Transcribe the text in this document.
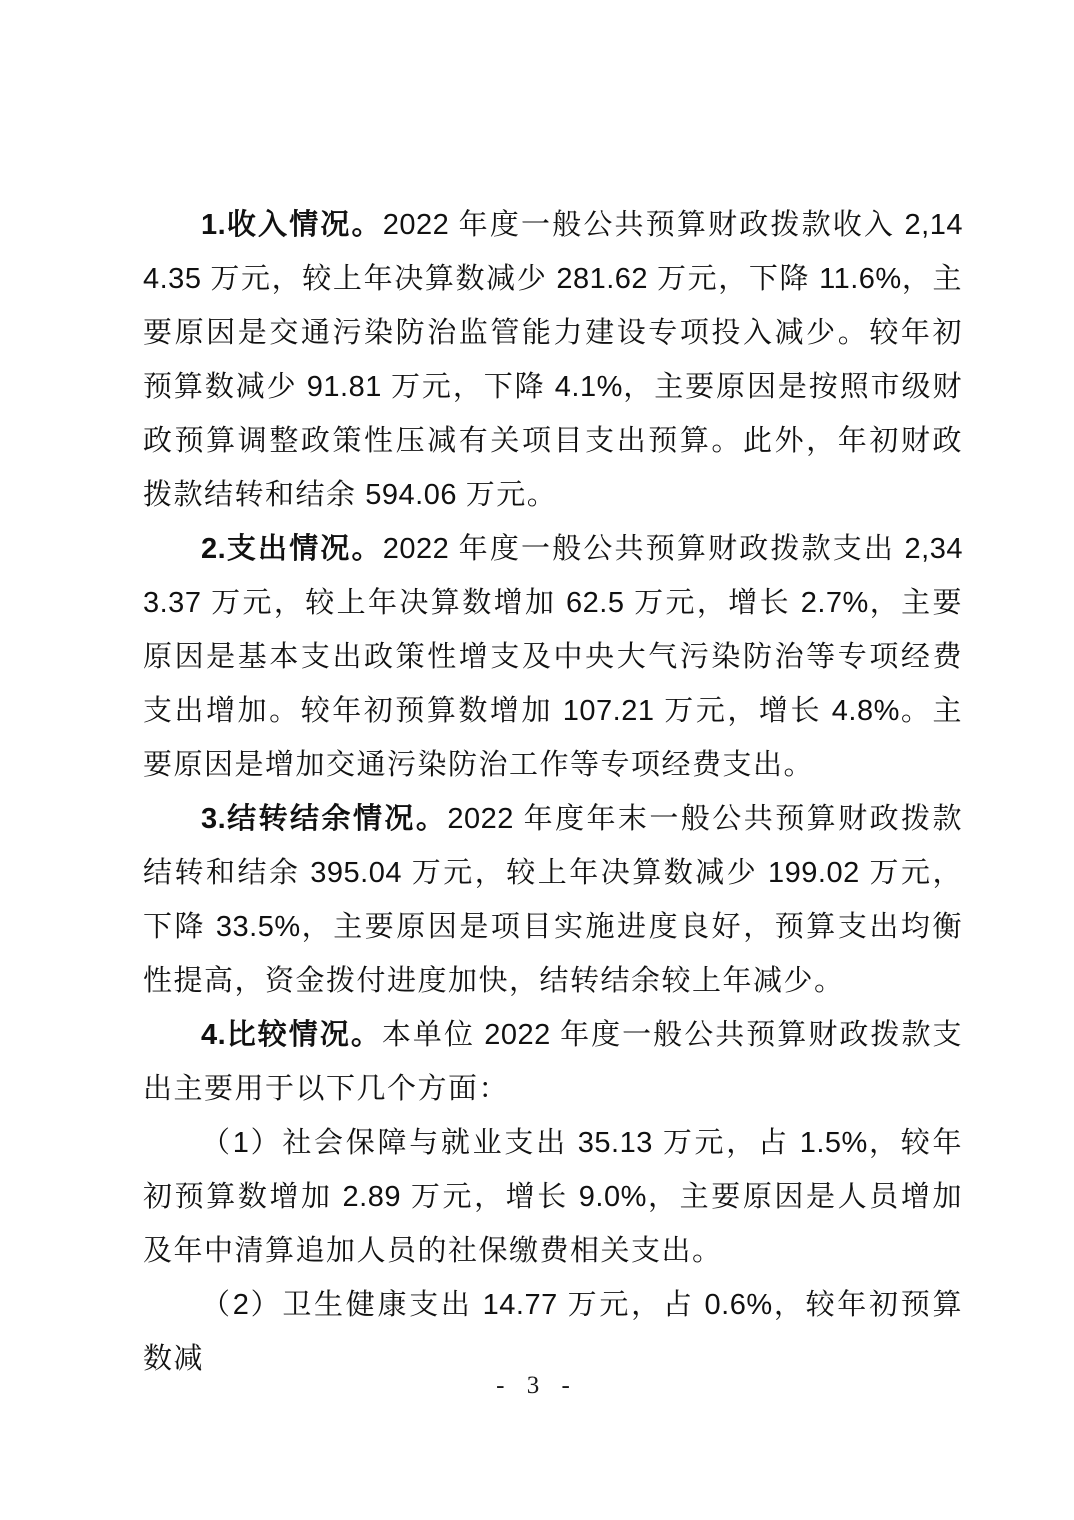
1.收入情况。2022 年度一般公共预算财政拨款收入 2,144.35 万元，较上年决算数减少 281.62 万元，下降 11.6%，主要原因是交通污染防治监管能力建设专项投入减少。较年初预算数减少 91.81 万元，下降 4.1%，主要原因是按照市级财政预算调整政策性压减有关项目支出预算。此外，年初财政拨款结转和结余 594.06 万元。

2.支出情况。2022 年度一般公共预算财政拨款支出 2,343.37 万元，较上年决算数增加 62.5 万元，增长 2.7%，主要原因是基本支出政策性增支及中央大气污染防治等专项经费支出增加。较年初预算数增加 107.21 万元，增长 4.8%。主要原因是增加交通污染防治工作等专项经费支出。

3.结转结余情况。2022 年度年末一般公共预算财政拨款结转和结余 395.04 万元，较上年决算数减少 199.02 万元，下降 33.5%，主要原因是项目实施进度良好，预算支出均衡性提高，资金拨付进度加快，结转结余较上年减少。

4.比较情况。本单位 2022 年度一般公共预算财政拨款支出主要用于以下几个方面：

（1）社会保障与就业支出 35.13 万元，占 1.5%，较年初预算数增加 2.89 万元，增长 9.0%，主要原因是人员增加及年中清算追加人员的社保缴费相关支出。

（2）卫生健康支出 14.77 万元，占 0.6%，较年初预算数减

- 3 -
